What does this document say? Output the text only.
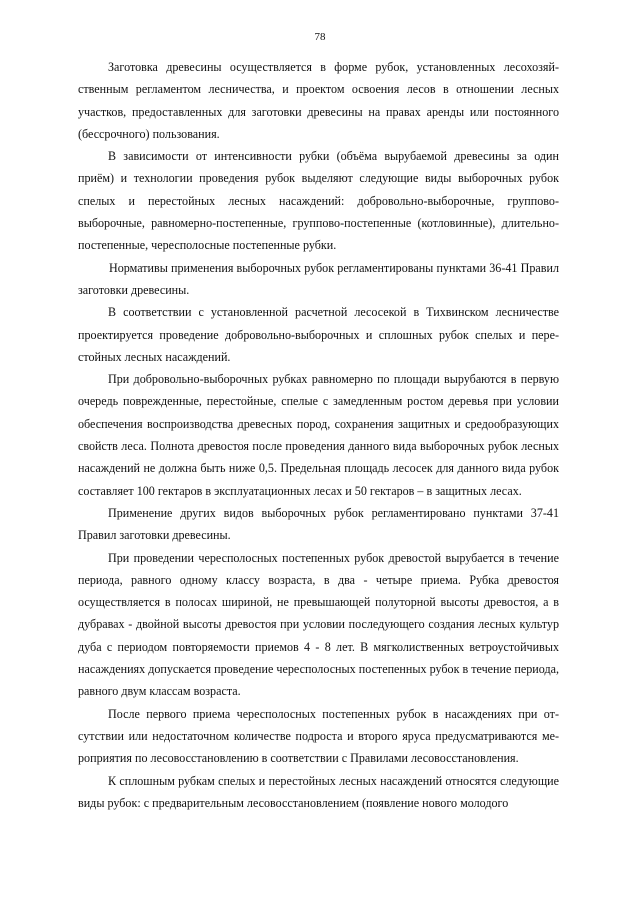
78

Заготовка древесины осуществляется в форме рубок, установленных лесохозяйственным регламентом лесничества, и проектом освоения лесов в отношении лесных участков, предоставленных для заготовки древесины на правах аренды или постоянного (бессрочного) пользования.

В зависимости от интенсивности рубки (объёма вырубаемой древесины за один приём) и технологии проведения рубок выделяют следующие виды выборочных рубок спелых и перестойных лесных насаждений: добровольно-выборочные, группово-выборочные, равномерно-постепенные, группово-постепенные (котловинные), длительно-постепенные, чересполосные постепенные рубки.

Нормативы применения выборочных рубок регламентированы пунктами 36-41 Правил заготовки древесины.

В соответствии с установленной расчетной лесосекой в Тихвинском лесничестве проектируется проведение добровольно-выборочных и сплошных рубок спелых и перестойных лесных насаждений.

При добровольно-выборочных рубках равномерно по площади вырубаются в первую очередь поврежденные, перестойные, спелые с замедленным ростом деревья при условии обеспечения воспроизводства древесных пород, сохранения защитных и средообразующих свойств леса. Полнота древостоя после проведения данного вида выборочных рубок лесных насаждений не должна быть ниже 0,5. Предельная площадь лесосек для данного вида рубок составляет 100 гектаров в эксплуатационных лесах и 50 гектаров – в защитных лесах.

Применение других видов выборочных рубок регламентировано пунктами 37-41 Правил заготовки древесины.

При проведении чересполосных постепенных рубок древостой вырубается в течение периода, равного одному классу возраста, в два - четыре приема. Рубка древостоя осуществляется в полосах шириной, не превышающей полуторной высоты древостоя, а в дубравах - двойной высоты древостоя при условии последующего создания лесных культур дуба с периодом повторяемости приемов 4 - 8 лет. В мягколиственных ветроустойчивых насаждениях допускается проведение чересполосных постепенных рубок в течение периода, равного двум классам возраста.

После первого приема чересполосных постепенных рубок в насаждениях при отсутствии или недостаточном количестве подроста и второго яруса предусматриваются мероприятия по лесовосстановлению в соответствии с Правилами лесовосстановления.

К сплошным рубкам спелых и перестойных лесных насаждений относятся следующие виды рубок: с предварительным лесовосстановлением (появление нового молодого
